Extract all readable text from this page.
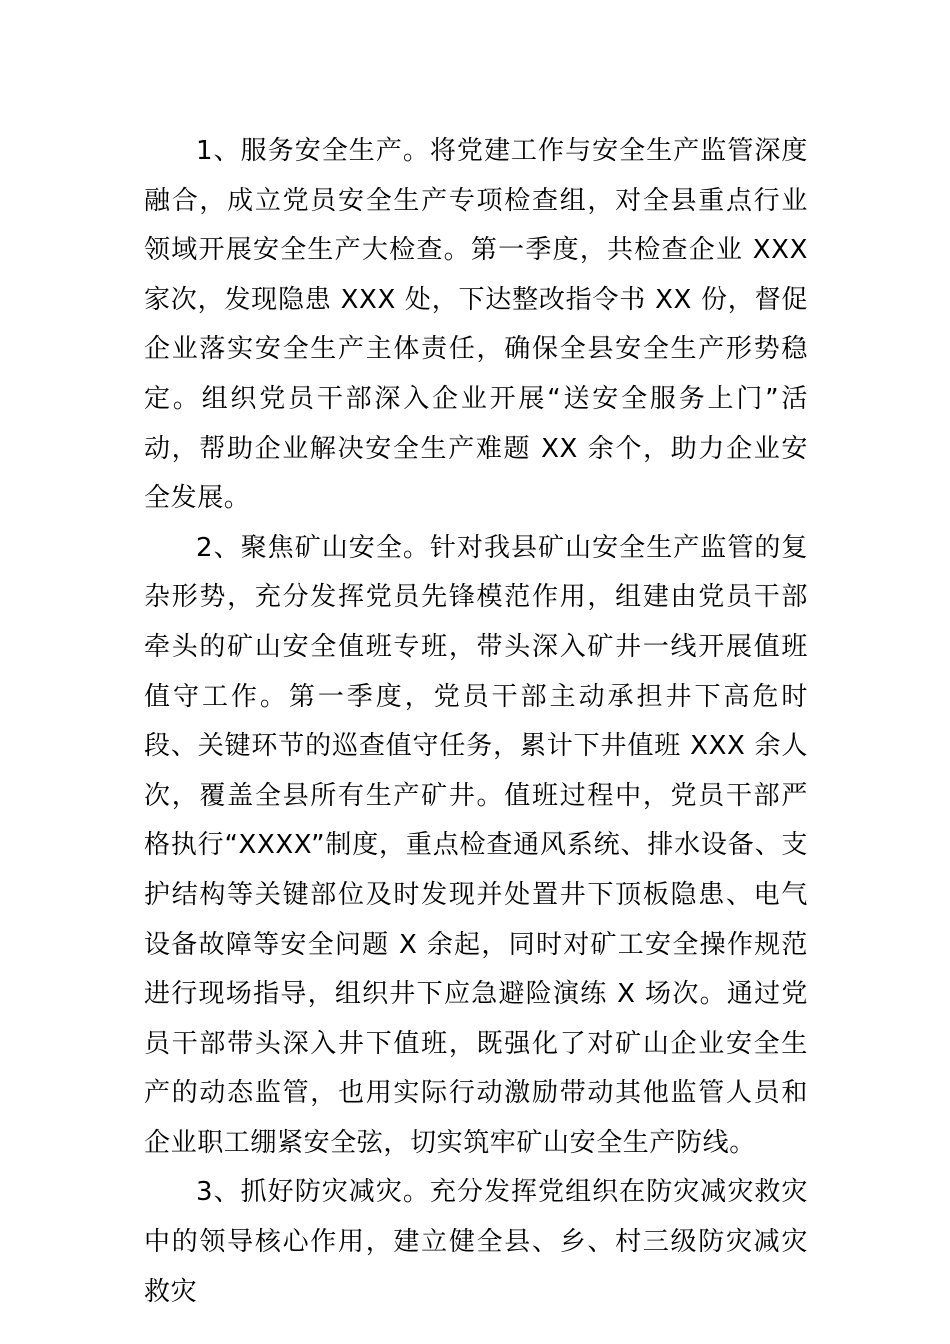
1、服务安全生产。将党建工作与安全生产监管深度融合，成立党员安全生产专项检查组，对全县重点行业领域开展安全生产大检查。第一季度，共检查企业 XXX 家次，发现隐患 XXX 处，下达整改指令书 XX 份，督促企业落实安全生产主体责任，确保全县安全生产形势稳定。组织党员干部深入企业开展“送安全服务上门”活动，帮助企业解决安全生产难题 XX 余个，助力企业安全发展。

2、聚焦矿山安全。针对我县矿山安全生产监管的复杂形势，充分发挥党员先锋模范作用，组建由党员干部牵头的矿山安全值班专班，带头深入矿井一线开展值班值守工作。第一季度，党员干部主动承担井下高危时段、关键环节的巡查值守任务，累计下井值班 XXX 余人次，覆盖全县所有生产矿井。值班过程中，党员干部严格执行“XXXX”制度，重点检查通风系统、排水设备、支护结构等关键部位及时发现并处置井下顶板隐患、电气设备故障等安全问题 X 余起，同时对矿工安全操作规范进行现场指导，组织井下应急避险演练 X 场次。通过党员干部带头深入井下值班，既强化了对矿山企业安全生产的动态监管，也用实际行动激励带动其他监管人员和企业职工绷紧安全弦，切实筑牢矿山安全生产防线。

3、抓好防灾减灾。充分发挥党组织在防灾减灾救灾中的领导核心作用，建立健全县、乡、村三级防灾减灾救灾
